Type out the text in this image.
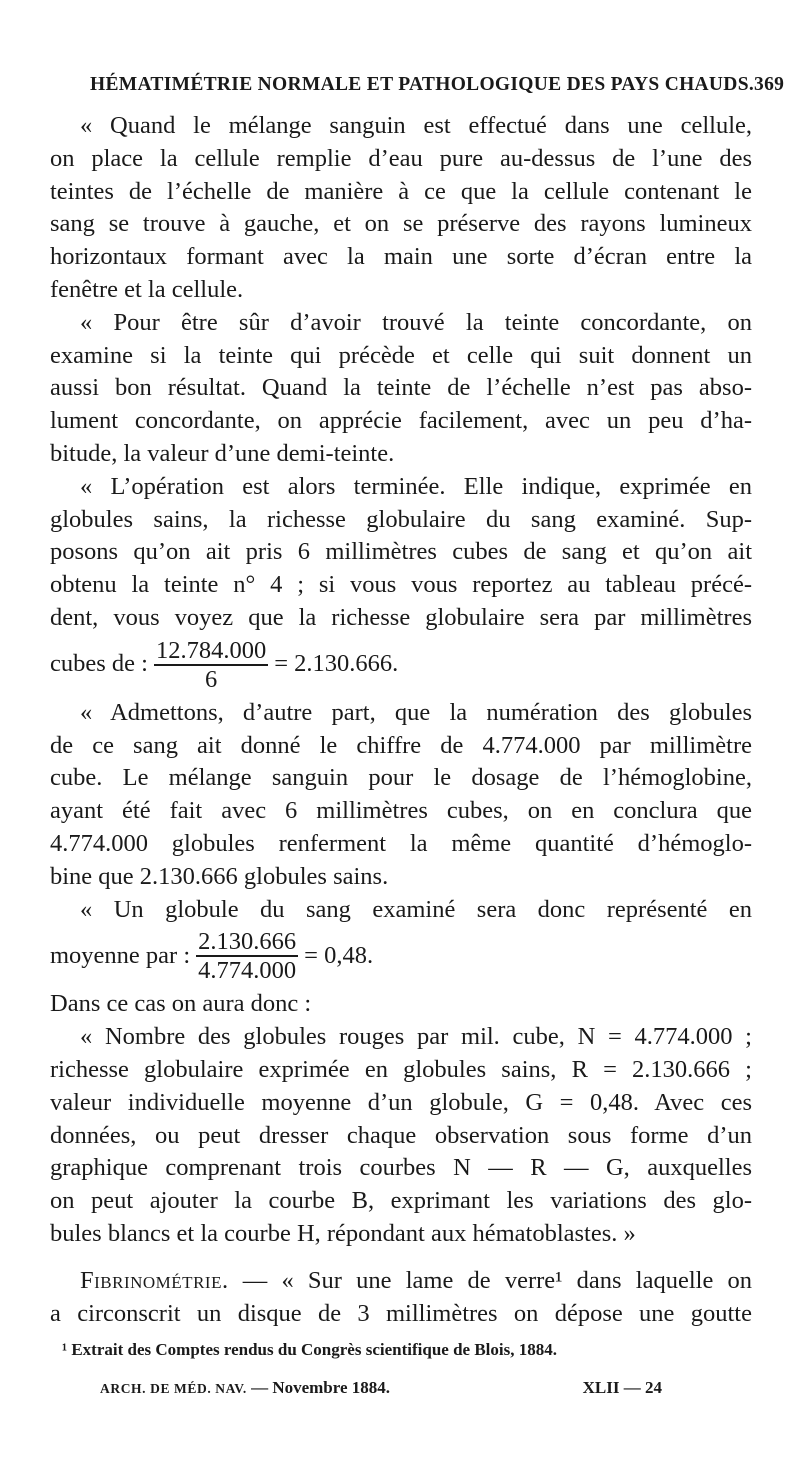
HÉMATIMÉTRIE NORMALE ET PATHOLOGIQUE DES PAYS CHAUDS. 369
« Quand le mélange sanguin est effectué dans une cellule,
on place la cellule remplie d’eau pure au-dessus de l’une des
teintes de l’échelle de manière à ce que la cellule contenant le
sang se trouve à gauche, et on se préserve des rayons lumineux
horizontaux formant avec la main une sorte d’écran entre la
fenêtre et la cellule.
« Pour être sûr d’avoir trouvé la teinte concordante, on
examine si la teinte qui précède et celle qui suit donnent un
aussi bon résultat. Quand la teinte de l’échelle n’est pas abso-
lument concordante, on apprécie facilement, avec un peu d’ha-
bitude, la valeur d’une demi-teinte.
« L’opération est alors terminée. Elle indique, exprimée en
globules sains, la richesse globulaire du sang examiné. Sup-
posons qu’on ait pris 6 millimètres cubes de sang et qu’on ait
obtenu la teinte n° 4 ; si vous vous reportez au tableau précé-
dent, vous voyez que la richesse globulaire sera par millimètres
cubes de : $\frac{12.784.000}{6} = 2.130.666$.
« Admettons, d’autre part, que la numération des globules
de ce sang ait donné le chiffre de 4.774.000 par millimètre
cube. Le mélange sanguin pour le dosage de l’hémoglobine,
ayant été fait avec 6 millimètres cubes, on en conclura que
4.774.000 globules renferment la même quantité d’hémoglo-
bine que 2.130.666 globules sains.
« Un globule du sang examiné sera donc représenté en
moyenne par : $\frac{2.130.666}{4.774.000} = 0,48$.
Dans ce cas on aura donc :
« Nombre des globules rouges par mil. cube, N = 4.774.000 ;
richesse globulaire exprimée en globules sains, R = 2.130.666 ;
valeur individuelle moyenne d’un globule, G = 0,48. Avec ces
données, ou peut dresser chaque observation sous forme d’un
graphique comprenant trois courbes N — R — G, auxquelles
on peut ajouter la courbe B, exprimant les variations des glo-
bules blancs et la courbe H, répondant aux hématoblastes. »
Fibrinométrie. — « Sur une lame de verre¹ dans laquelle on
a circonscrit un disque de 3 millimètres on dépose une goutte
¹ Extrait des Comptes rendus du Congrès scientifique de Blois, 1884.
ARCH. DE MÉD. NAV. — Novembre 1884.	XLII — 24
